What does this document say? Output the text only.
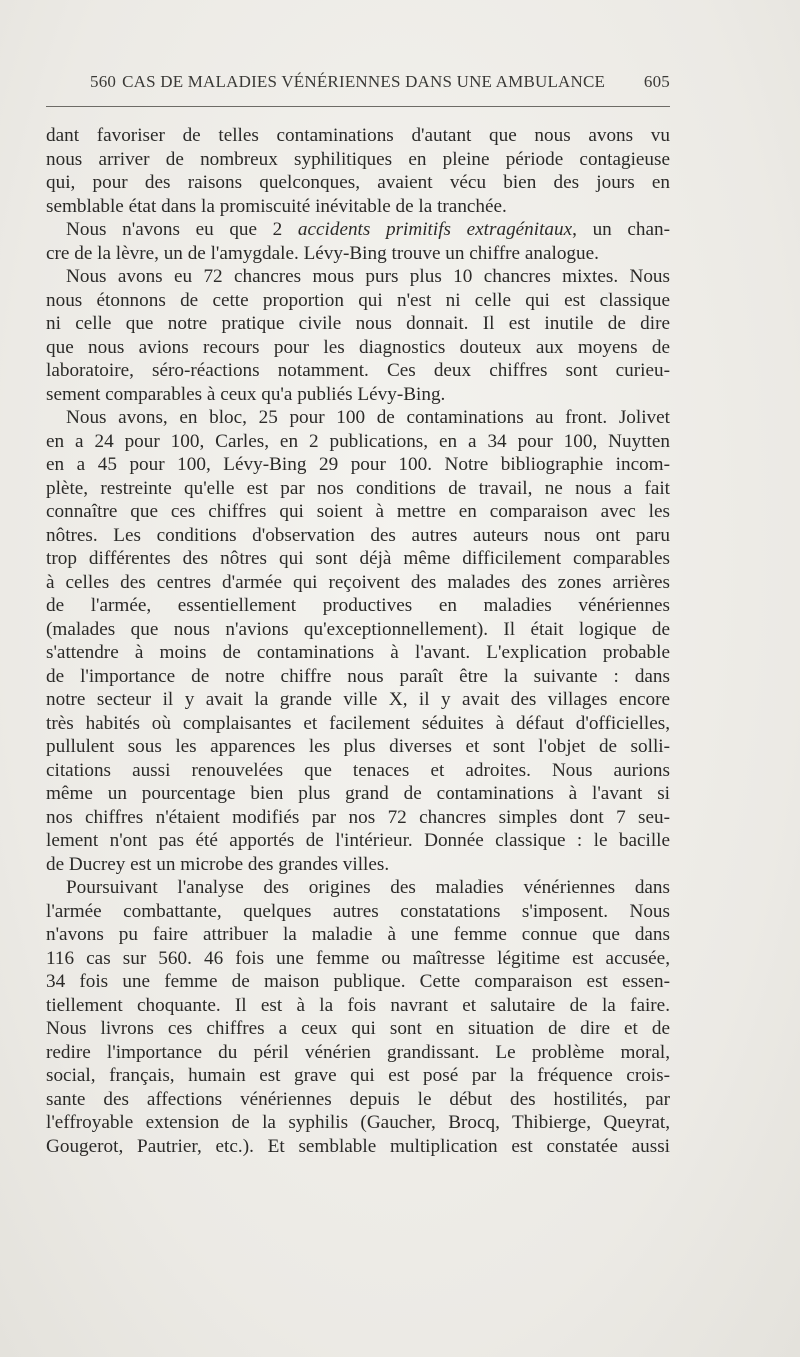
560 CAS DE MALADIES VÉNÉRIENNES DANS UNE AMBULANCE	605
dant favoriser de telles contaminations d'autant que nous avons vu
nous arriver de nombreux syphilitiques en pleine période contagieuse
qui, pour des raisons quelconques, avaient vécu bien des jours en
semblable état dans la promiscuité inévitable de la tranchée.
Nous n'avons eu que 2 accidents primitifs extragénitaux, un chan-
cre de la lèvre, un de l'amygdale. Lévy-Bing trouve un chiffre analogue.
Nous avons eu 72 chancres mous purs plus 10 chancres mixtes. Nous
nous étonnons de cette proportion qui n'est ni celle qui est classique
ni celle que notre pratique civile nous donnait. Il est inutile de dire
que nous avions recours pour les diagnostics douteux aux moyens de
laboratoire, séro-réactions notamment. Ces deux chiffres sont curieu-
sement comparables à ceux qu'a publiés Lévy-Bing.
Nous avons, en bloc, 25 pour 100 de contaminations au front. Jolivet
en a 24 pour 100, Carles, en 2 publications, en a 34 pour 100, Nuytten
en a 45 pour 100, Lévy-Bing 29 pour 100. Notre bibliographie incom-
plète, restreinte qu'elle est par nos conditions de travail, ne nous a fait
connaître que ces chiffres qui soient à mettre en comparaison avec les
nôtres. Les conditions d'observation des autres auteurs nous ont paru
trop différentes des nôtres qui sont déjà même difficilement comparables
à celles des centres d'armée qui reçoivent des malades des zones arrières
de l'armée, essentiellement productives en maladies vénériennes
(malades que nous n'avions qu'exceptionnellement). Il était logique de
s'attendre à moins de contaminations à l'avant. L'explication probable
de l'importance de notre chiffre nous paraît être la suivante : dans
notre secteur il y avait la grande ville X, il y avait des villages encore
très habités où complaisantes et facilement séduites à défaut d'officielles,
pullulent sous les apparences les plus diverses et sont l'objet de solli-
citations aussi renouvelées que tenaces et adroites. Nous aurions
même un pourcentage bien plus grand de contaminations à l'avant si
nos chiffres n'étaient modifiés par nos 72 chancres simples dont 7 seu-
lement n'ont pas été apportés de l'intérieur. Donnée classique : le bacille
de Ducrey est un microbe des grandes villes.
Poursuivant l'analyse des origines des maladies vénériennes dans
l'armée combattante, quelques autres constatations s'imposent. Nous
n'avons pu faire attribuer la maladie à une femme connue que dans
116 cas sur 560. 46 fois une femme ou maîtresse légitime est accusée,
34 fois une femme de maison publique. Cette comparaison est essen-
tiellement choquante. Il est à la fois navrant et salutaire de la faire.
Nous livrons ces chiffres a ceux qui sont en situation de dire et de
redire l'importance du péril vénérien grandissant. Le problème moral,
social, français, humain est grave qui est posé par la fréquence crois-
sante des affections vénériennes depuis le début des hostilités, par
l'effroyable extension de la syphilis (Gaucher, Brocq, Thibierge, Queyrat,
Gougerot, Pautrier, etc.). Et semblable multiplication est constatée aussi
